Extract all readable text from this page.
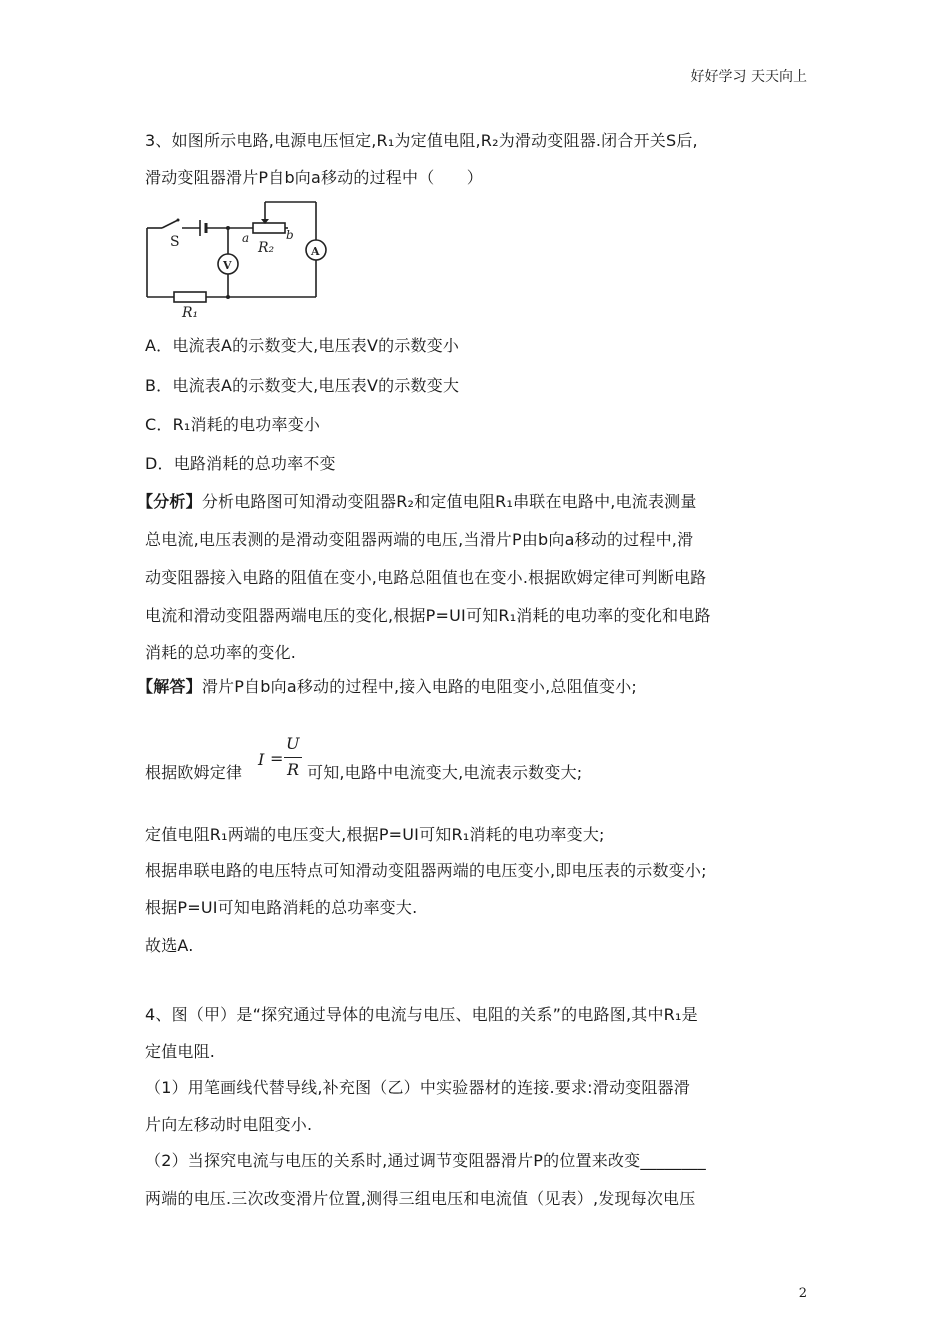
好好学习 天天向上
3、如图所示电路,电源电压恒定,R₁为定值电阻,R₂为滑动变阻器.闭合开关S后,
滑动变阻器滑片P自b向a移动的过程中（　　）
S	a	b
R₂
R₁
V
A
A．电流表A的示数变大,电压表V的示数变小
B．电流表A的示数变大,电压表V的示数变大
C．R₁消耗的电功率变小
D．电路消耗的总功率不变
【分析】分析电路图可知滑动变阻器R₂和定值电阻R₁串联在电路中,电流表测量
总电流,电压表测的是滑动变阻器两端的电压,当滑片P由b向a移动的过程中,滑
动变阻器接入电路的阻值在变小,电路总阻值也在变小.根据欧姆定律可判断电路
电流和滑动变阻器两端电压的变化,根据P=UI可知R₁消耗的电功率的变化和电路
消耗的总功率的变化.
【解答】滑片P自b向a移动的过程中,接入电路的电阻变小,总阻值变小;
根据欧姆定律
I =
U
R 可知,电路中电流变大,电流表示数变大;
定值电阻R₁两端的电压变大,根据P=UI可知R₁消耗的电功率变大;
根据串联电路的电压特点可知滑动变阻器两端的电压变小,即电压表的示数变小;
根据P=UI可知电路消耗的总功率变大.
故选A.
4、图（甲）是“探究通过导体的电流与电压、电阻的关系”的电路图,其中R₁是
定值电阻.
（1）用笔画线代替导线,补充图（乙）中实验器材的连接.要求:滑动变阻器滑
片向左移动时电阻变小.
（2）当探究电流与电压的关系时,通过调节变阻器滑片P的位置来改变________
两端的电压.三次改变滑片位置,测得三组电压和电流值（见表）,发现每次电压
2
